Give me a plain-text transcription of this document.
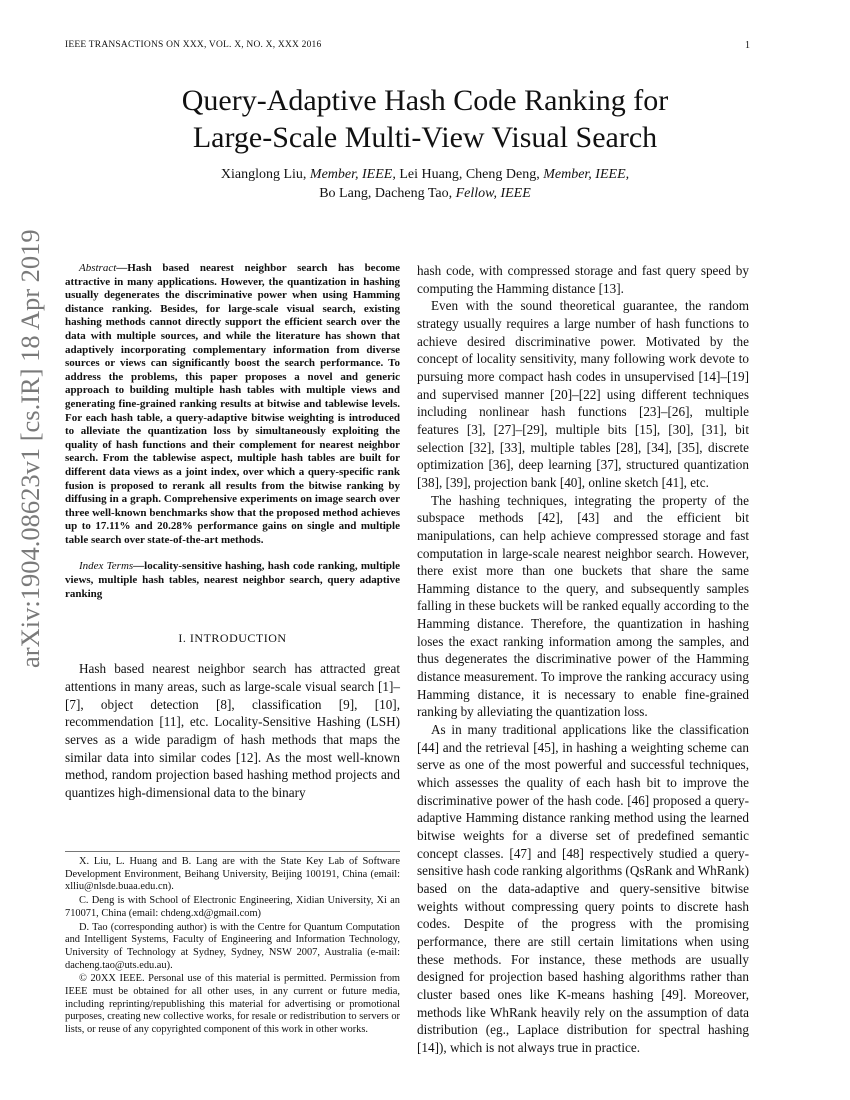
IEEE TRANSACTIONS ON XXX, VOL. X, NO. X, XXX 2016	1
arXiv:1904.08623v1 [cs.IR] 18 Apr 2019
Query-Adaptive Hash Code Ranking for
Large-Scale Multi-View Visual Search
Xianglong Liu, Member, IEEE, Lei Huang, Cheng Deng, Member, IEEE,
Bo Lang, Dacheng Tao, Fellow, IEEE

Abstract—Hash based nearest neighbor search has become attractive in many applications. However, the quantization in hashing usually degenerates the discriminative power when using Hamming distance ranking. Besides, for large-scale visual search, existing hashing methods cannot directly support the efficient search over the data with multiple sources, and while the literature has shown that adaptively incorporating complementary information from diverse sources or views can significantly boost the search performance. To address the problems, this paper proposes a novel and generic approach to building multiple hash tables with multiple views and generating fine-grained ranking results at bitwise and tablewise levels. For each hash table, a query-adaptive bitwise weighting is introduced to alleviate the quantization loss by simultaneously exploiting the quality of hash functions and their complement for nearest neighbor search. From the tablewise aspect, multiple hash tables are built for different data views as a joint index, over which a query-specific rank fusion is proposed to rerank all results from the bitwise ranking by diffusing in a graph. Comprehensive experiments on image search over three well-known benchmarks show that the proposed method achieves up to 17.11% and 20.28% performance gains on single and multiple table search over state-of-the-art methods.

Index Terms—locality-sensitive hashing, hash code ranking, multiple views, multiple hash tables, nearest neighbor search, query adaptive ranking

I. INTRODUCTION

Hash based nearest neighbor search has attracted great attentions in many areas, such as large-scale visual search [1]–[7], object detection [8], classification [9], [10], recommendation [11], etc. Locality-Sensitive Hashing (LSH) serves as a wide paradigm of hash methods that maps the similar data into similar codes [12]. As the most well-known method, random projection based hashing method projects and quantizes high-dimensional data to the binary

X. Liu, L. Huang and B. Lang are with the State Key Lab of Software Development Environment, Beihang University, Beijing 100191, China (email: xlliu@nlsde.buaa.edu.cn).

C. Deng is with School of Electronic Engineering, Xidian University, Xi an 710071, China (email: chdeng.xd@gmail.com)

D. Tao (corresponding author) is with the Centre for Quantum Computation and Intelligent Systems, Faculty of Engineering and Information Technology, University of Technology at Sydney, Sydney, NSW 2007, Australia (e-mail: dacheng.tao@uts.edu.au).

© 20XX IEEE. Personal use of this material is permitted. Permission from IEEE must be obtained for all other uses, in any current or future media, including reprinting/republishing this material for advertising or promotional purposes, creating new collective works, for resale or redistribution to servers or lists, or reuse of any copyrighted component of this work in other works.

hash code, with compressed storage and fast query speed by computing the Hamming distance [13].

Even with the sound theoretical guarantee, the random strategy usually requires a large number of hash functions to achieve desired discriminative power. Motivated by the concept of locality sensitivity, many following work devote to pursuing more compact hash codes in unsupervised [14]–[19] and supervised manner [20]–[22] using different techniques including nonlinear hash functions [23]–[26], multiple features [3], [27]–[29], multiple bits [15], [30], [31], bit selection [32], [33], multiple tables [28], [34], [35], discrete optimization [36], deep learning [37], structured quantization [38], [39], projection bank [40], online sketch [41], etc.

The hashing techniques, integrating the property of the subspace methods [42], [43] and the efficient bit manipulations, can help achieve compressed storage and fast computation in large-scale nearest neighbor search. However, there exist more than one buckets that share the same Hamming distance to the query, and subsequently samples falling in these buckets will be ranked equally according to the Hamming distance. Therefore, the quantization in hashing loses the exact ranking information among the samples, and thus degenerates the discriminative power of the Hamming distance measurement. To improve the ranking accuracy using Hamming distance, it is necessary to enable fine-grained ranking by alleviating the quantization loss.

As in many traditional applications like the classification [44] and the retrieval [45], in hashing a weighting scheme can serve as one of the most powerful and successful techniques, which assesses the quality of each hash bit to improve the discriminative power of the hash code. [46] proposed a query-adaptive Hamming distance ranking method using the learned bitwise weights for a diverse set of predefined semantic concept classes. [47] and [48] respectively studied a query-sensitive hash code ranking algorithms (QsRank and WhRank) based on the data-adaptive and query-sensitive bitwise weights without compressing query points to discrete hash codes. Despite of the progress with the promising performance, there are still certain limitations when using these methods. For instance, these methods are usually designed for projection based hashing algorithms rather than cluster based ones like K-means hashing [49]. Moreover, methods like WhRank heavily rely on the assumption of data distribution (eg., Laplace distribution for spectral hashing [14]), which is not always true in practice.
